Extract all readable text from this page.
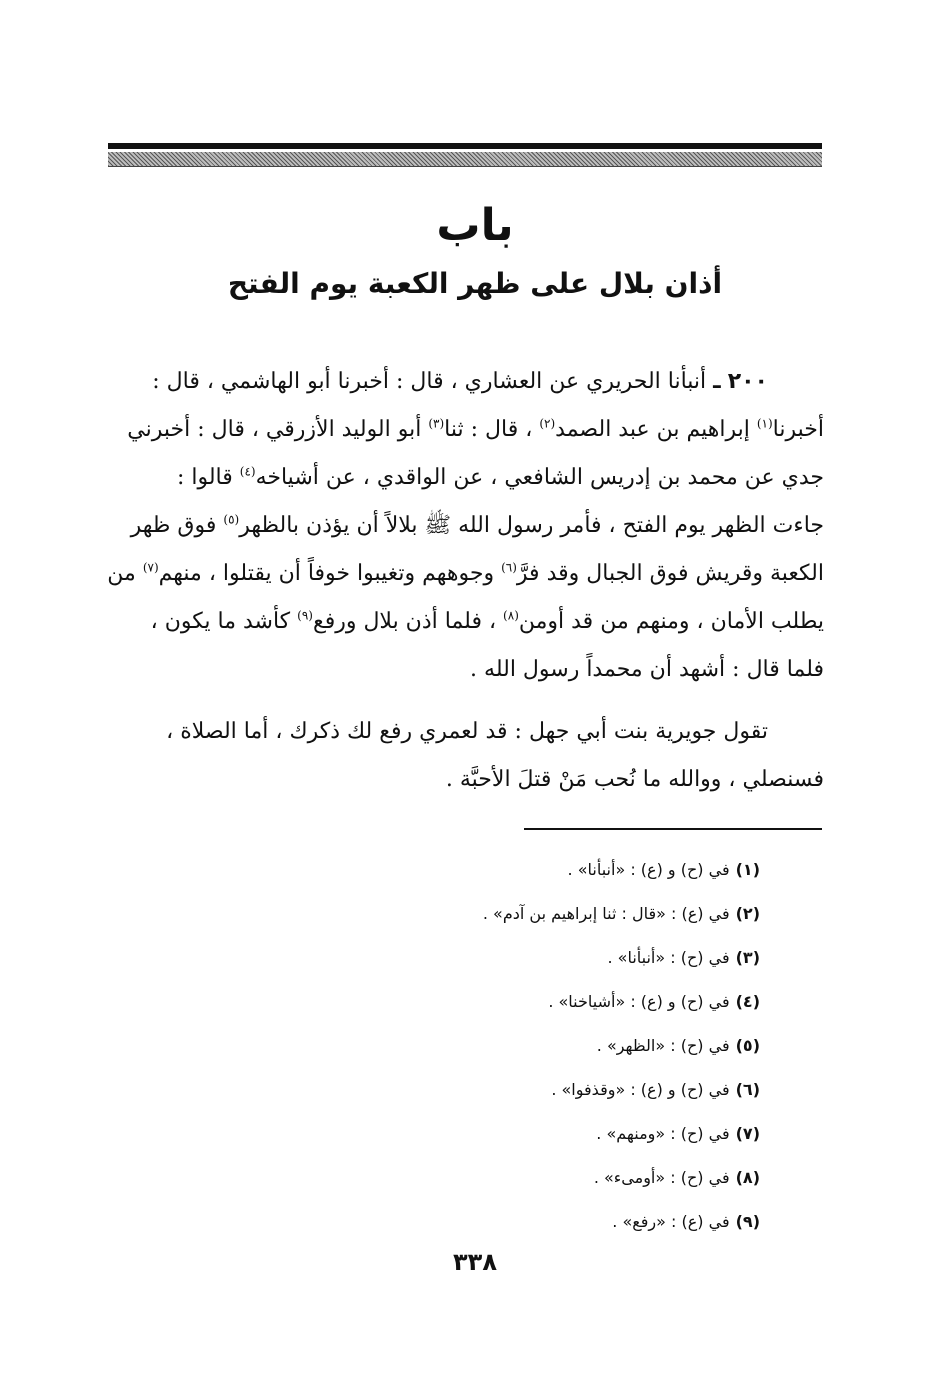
باب
أذان بلال على ظهر الكعبة يوم الفتح
٢٠٠ ـ أنبأنا الحريري عن العشاري ، قال : أخبرنا أبو الهاشمي ، قال :
أخبرنا$^{(١)}$ إبراهيم بن عبد الصمد$^{(٢)}$ ، قال : ثنا$^{(٣)}$ أبو الوليد الأزرقي ، قال : أخبرني
جدي عن محمد بن إدريس الشافعي ، عن الواقدي ، عن أشياخه$^{(٤)}$ قالوا :
جاءت الظهر يوم الفتح ، فأمر رسول الله ﷺ بلالاً أن يؤذن بالظهر$^{(٥)}$ فوق ظهر
الكعبة وقريش فوق الجبال وقد فرَّ$^{(٦)}$ وجوههم وتغيبوا خوفاً أن يقتلوا ، منهم$^{(٧)}$ من
يطلب الأمان ، ومنهم من قد أومن$^{(٨)}$ ، فلما أذن بلال ورفع$^{(٩)}$ كأشد ما يكون ،
فلما قال : أشهد أن محمداً رسول الله .
تقول جويرية بنت أبي جهل : قد لعمري رفع لك ذكرك ، أما الصلاة ،
فسنصلي ، ووالله ما نُحب مَنْ قتلَ الأحبَّة .
(١)في (ح) و (ع) : «أنبأنا» .
(٢)في (ع) : «قال : ثنا إبراهيم بن آدم» .
(٣)في (ح) : «أنبأنا» .
(٤)في (ح) و (ع) : «أشياخنا» .
(٥)في (ح) : «الظهر» .
(٦)في (ح) و (ع) : «وقذفوا» .
(٧)في (ح) : «ومنهم» .
(٨)في (ح) : «أومىء» .
(٩)في (ع) : «رفع» .
٣٣٨
